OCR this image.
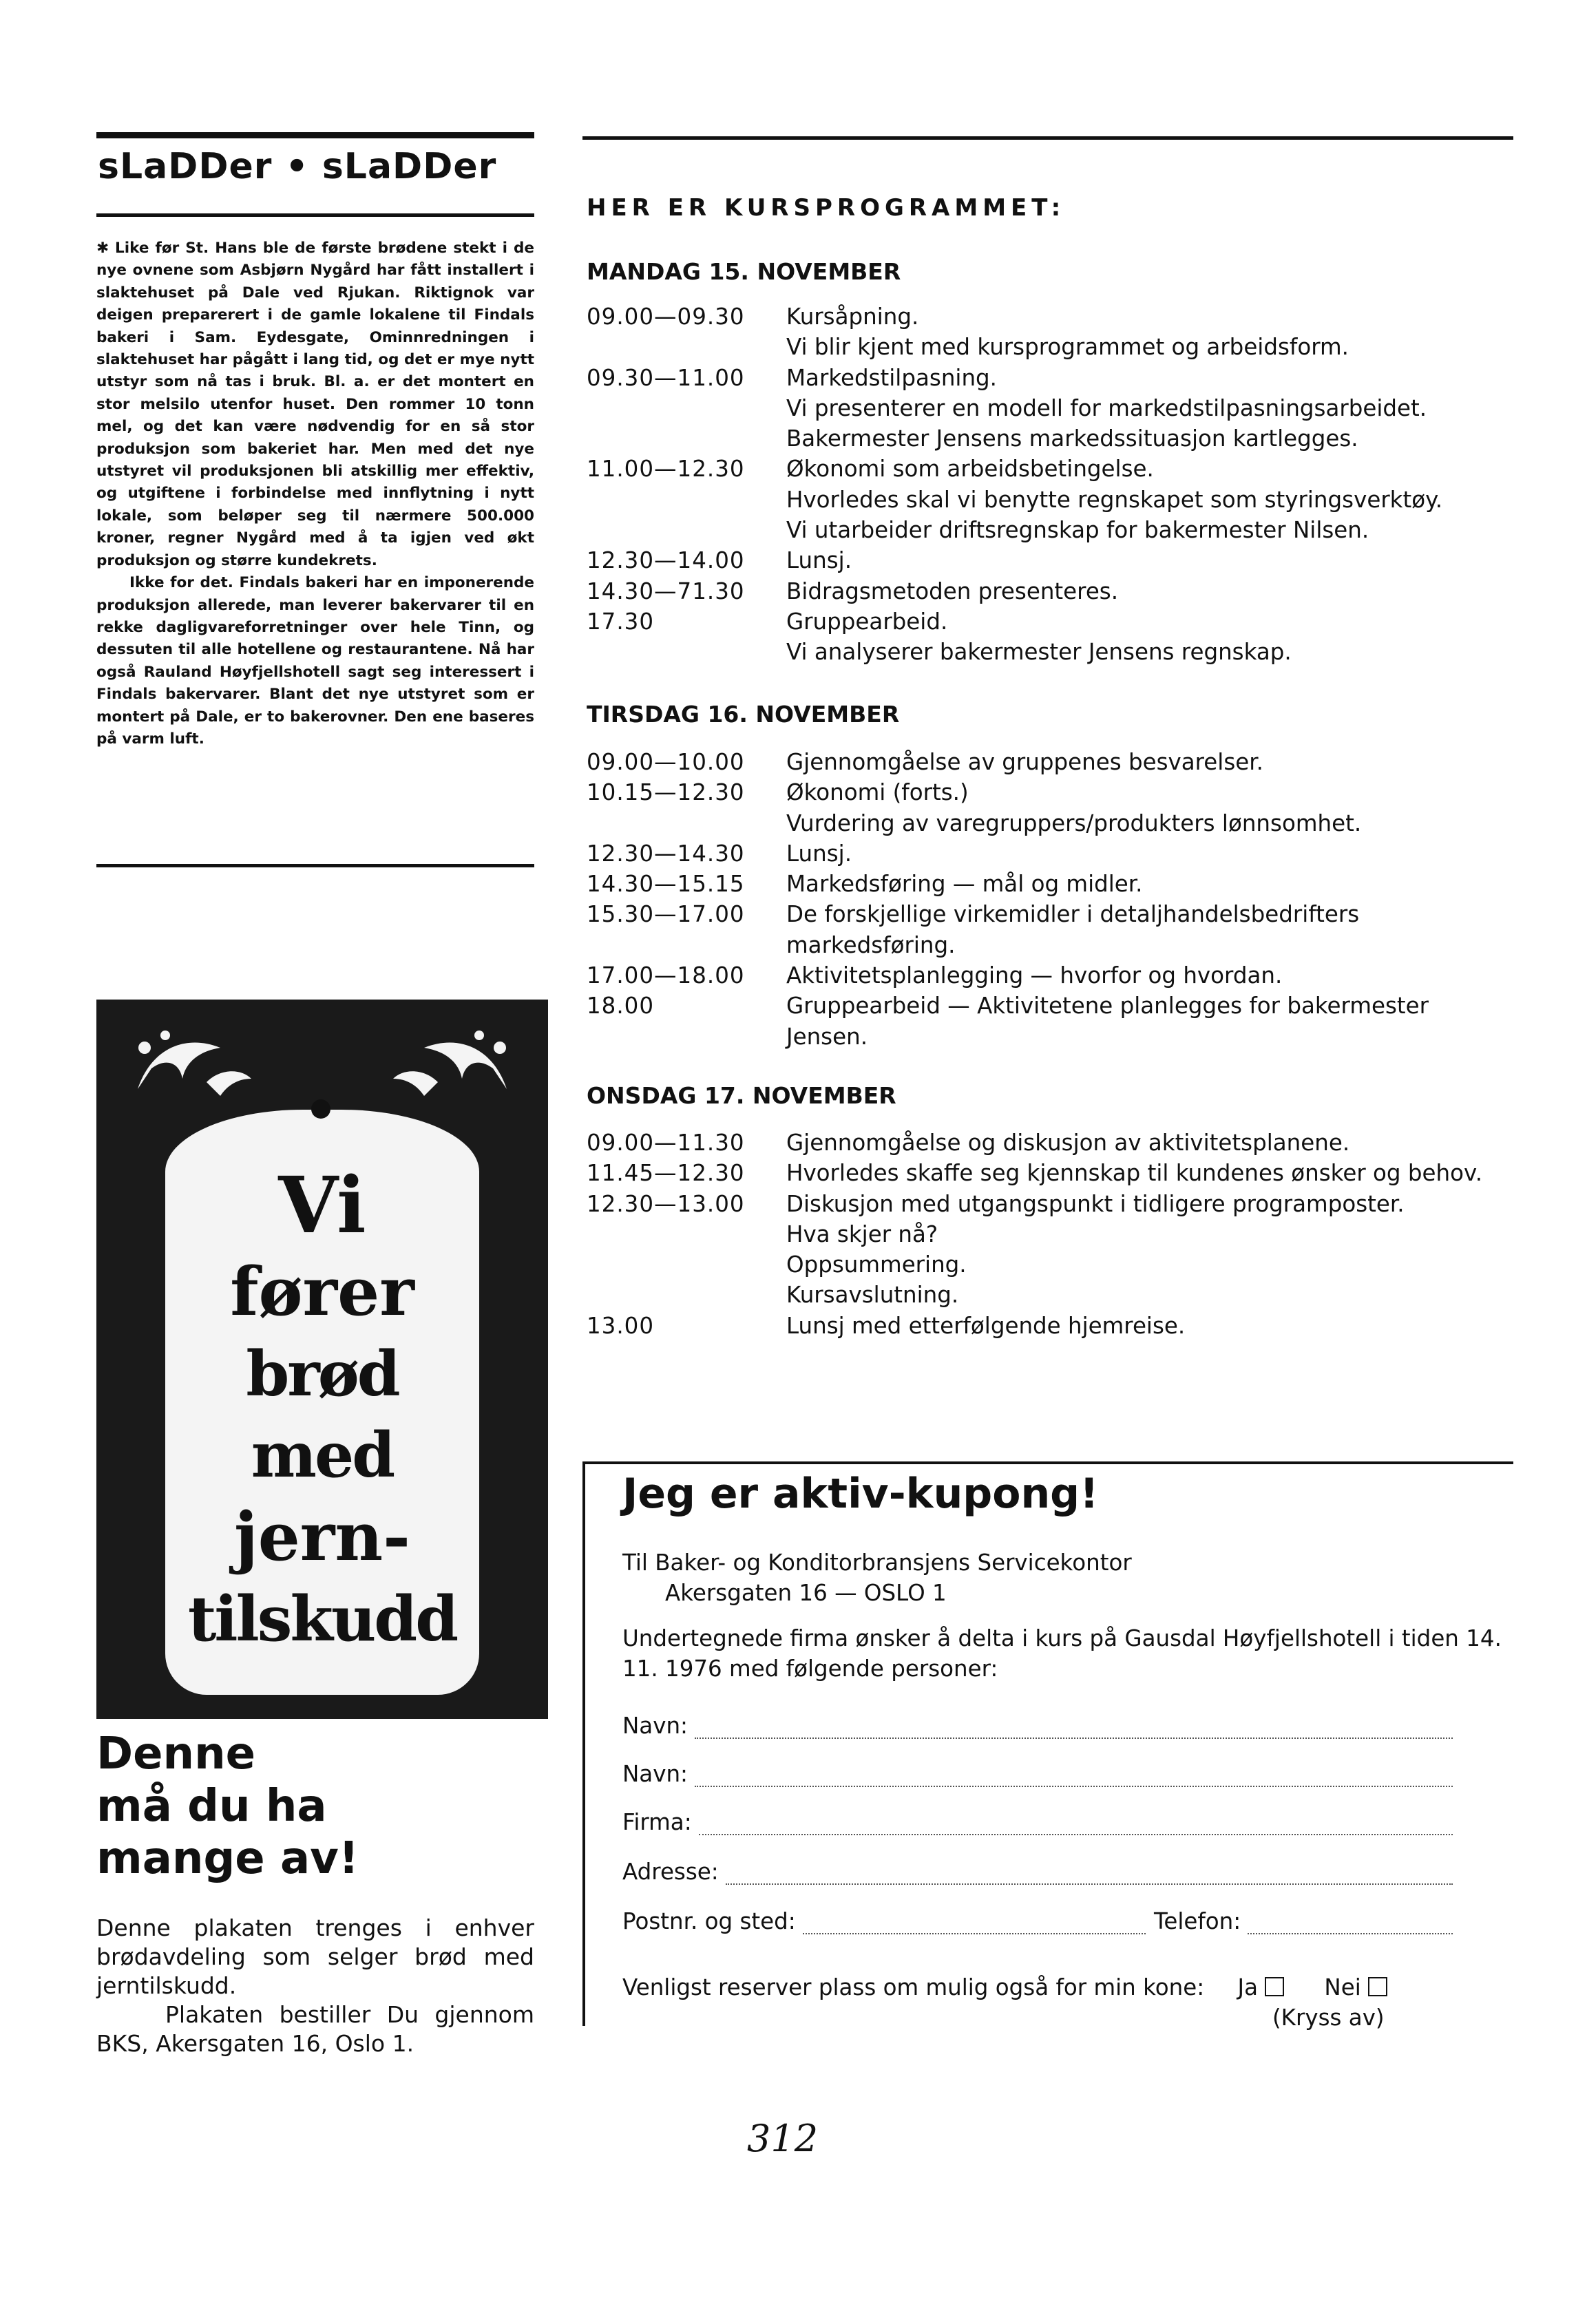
sLaDDer • sLaDDer

✱ Like før St. Hans ble de første brødene stekt i de nye ovnene som Asbjørn Nygård har fått installert i slaktehuset på Dale ved Rjukan. Riktignok var deigen preparerert i de gamle lokalene til Findals bakeri i Sam. Eydesgate, Ominnredningen i slaktehuset har pågått i lang tid, og det er mye nytt utstyr som nå tas i bruk. Bl. a. er det montert en stor melsilo utenfor huset. Den rommer 10 tonn mel, og det kan være nødvendig for en så stor produksjon som bakeriet har. Men med det nye utstyret vil produksjonen bli atskillig mer effektiv, og utgiftene i forbindelse med innflytning i nytt lokale, som beløper seg til nærmere 500.000 kroner, regner Nygård med å ta igjen ved økt produksjon og større kundekrets.

Ikke for det. Findals bakeri har en imponerende produksjon allerede, man leverer bakervarer til en rekke dagligvareforretninger over hele Tinn, og dessuten til alle hotellene og restaurantene. Nå har også Rauland Høyfjellshotell sagt seg interessert i Findals bakervarer. Blant det nye utstyret som er montert på Dale, er to bakerovner. Den ene baseres på varm luft.

Vi
fører
brød med
jern-
tilskudd
Denne
må du ha
mange av!

Denne plakaten trenges i enhver brødavdeling som selger brød med jerntilskudd.

Plakaten bestiller Du gjennom BKS, Akersgaten 16, Oslo 1.

HER ER KURSPROGRAMMET:
MANDAG 15. NOVEMBER
09.00—09.30	Kursåpning.
Vi blir kjent med kursprogrammet og arbeidsform.
09.30—11.00	Markedstilpasning.
Vi presenterer en modell for markedstilpasningsarbeidet.
Bakermester Jensens markedssituasjon kartlegges.
11.00—12.30	Økonomi som arbeidsbetingelse.
Hvorledes skal vi benytte regnskapet som styringsverktøy.
Vi utarbeider driftsregnskap for bakermester Nilsen.
12.30—14.00	Lunsj.
14.30—71.30	Bidragsmetoden presenteres.
17.30	Gruppearbeid.
Vi analyserer bakermester Jensens regnskap.
TIRSDAG 16. NOVEMBER
09.00—10.00	Gjennomgåelse av gruppenes besvarelser.
10.15—12.30	Økonomi (forts.)
Vurdering av varegruppers/produkters lønnsomhet.
12.30—14.30	Lunsj.
14.30—15.15	Markedsføring — mål og midler.
15.30—17.00	De forskjellige virkemidler i detaljhandelsbedrifters markedsføring.
17.00—18.00	Aktivitetsplanlegging — hvorfor og hvordan.
18.00	Gruppearbeid — Aktivitetene planlegges for bakermester Jensen.
ONSDAG 17. NOVEMBER
09.00—11.30	Gjennomgåelse og diskusjon av aktivitetsplanene.
11.45—12.30	Hvorledes skaffe seg kjennskap til kundenes ønsker og behov.
12.30—13.00	Diskusjon med utgangspunkt i tidligere programposter.
Hva skjer nå?
Oppsummering.
Kursavslutning.
13.00	Lunsj med etterfølgende hjemreise.
Jeg er aktiv-kupong!
Til Baker- og Konditorbransjens Servicekontor
Akersgaten 16 — OSLO 1
Undertegnede firma ønsker å delta i kurs på Gausdal Høyfjellshotell i tiden 14. 11. 1976 med følgende personer:
Navn:
Navn:
Firma:
Adresse:
Postnr. og sted:	Telefon:
Venligst reserver plass om mulig også for min kone: Ja	Nei
(Kryss av)
312
